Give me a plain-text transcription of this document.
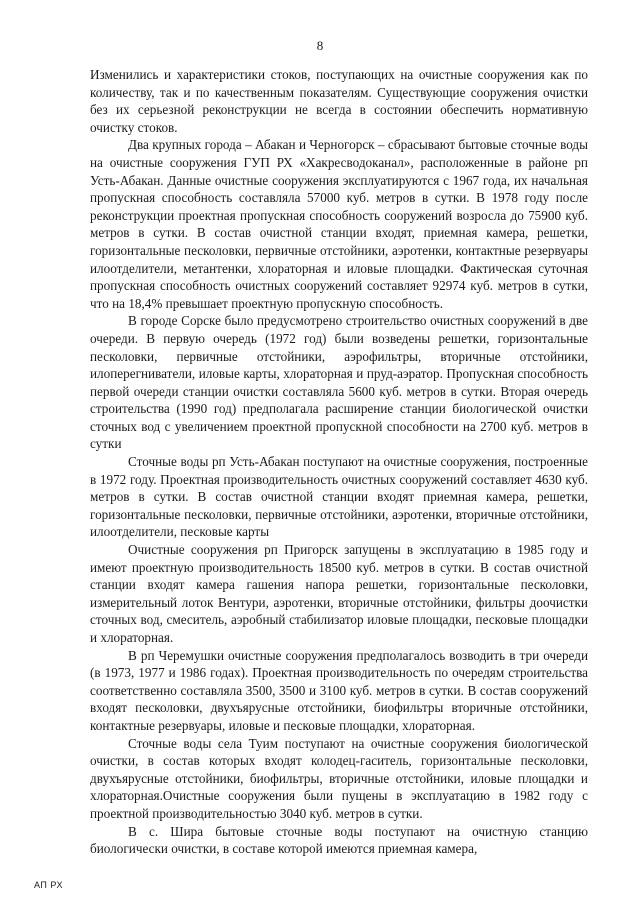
8

Изменились и характеристики стоков, поступающих на очистные сооружения как по количеству, так и по качественным показателям. Существующие сооружения очистки без их серьезной реконструкции не всегда в состоянии обеспечить нормативную очистку стоков.

Два крупных города – Абакан и Черногорск – сбрасывают бытовые сточные воды на очистные сооружения ГУП РХ «Хакресводоканал», расположенные в районе рп Усть-Абакан. Данные очистные сооружения эксплуатируются с 1967 года, их начальная пропускная способность составляла 57000 куб. метров в сутки. В 1978 году после реконструкции проектная пропускная способность сооружений возросла до 75900 куб. метров в сутки. В состав очистной станции входят, приемная камера, решетки, горизонтальные песколовки, первичные отстойники, аэротенки, контактные резервуары илоотделители, метантенки, хлораторная и иловые площадки. Фактическая суточная пропускная способность очистных сооружений составляет 92974 куб. метров в сутки, что на 18,4% превышает проектную пропускную способность.

В городе Сорске было предусмотрено строительство очистных сооружений в две очереди. В первую очередь (1972 год) были возведены решетки, горизонтальные песколовки, первичные отстойники, аэрофильтры, вторичные отстойники, илоперегниватели, иловые карты, хлораторная и пруд-аэратор. Пропускная способность первой очереди станции очистки составляла 5600 куб. метров в сутки. Вторая очередь строительства (1990 год) предполагала расширение станции биологической очистки сточных вод с увеличением проектной пропускной способности на 2700 куб. метров в сутки

Сточные воды рп Усть-Абакан поступают на очистные сооружения, построенные в 1972 году. Проектная производительность очистных сооружений составляет 4630 куб. метров в сутки. В состав очистной станции входят приемная камера, решетки, горизонтальные песколовки, первичные отстойники, аэротенки, вторичные отстойники, илоотделители, песковые карты

Очистные сооружения рп Пригорск запущены в эксплуатацию в 1985 году и имеют проектную производительность 18500 куб. метров в сутки. В состав очистной станции входят камера гашения напора решетки, горизонтальные песколовки, измерительный лоток Вентури, аэротенки, вторичные отстойники, фильтры доочистки сточных вод, смеситель, аэробный стабилизатор иловые площадки, песковые площадки и хлораторная.

В рп Черемушки очистные сооружения предполагалось возводить в три очереди (в 1973, 1977 и 1986 годах). Проектная производительность по очередям строительства соответственно составляла 3500, 3500 и 3100 куб. метров в сутки. В состав сооружений входят песколовки, двухъярусные отстойники, биофильтры вторичные отстойники, контактные резервуары, иловые и песковые площадки, хлораторная.

Сточные воды села Туим поступают на очистные сооружения биологической очистки, в состав которых входят колодец-гаситель, горизонтальные песколовки, двухъярусные отстойники, биофильтры, вторичные отстойники, иловые площадки и хлораторная.Очистные сооружения были пущены в эксплуатацию в 1982 году с проектной производительностью 3040 куб. метров в сутки.

В с. Шира бытовые сточные воды поступают на очистную станцию биологически очистки, в составе которой имеются приемная камера,

АП РХ
